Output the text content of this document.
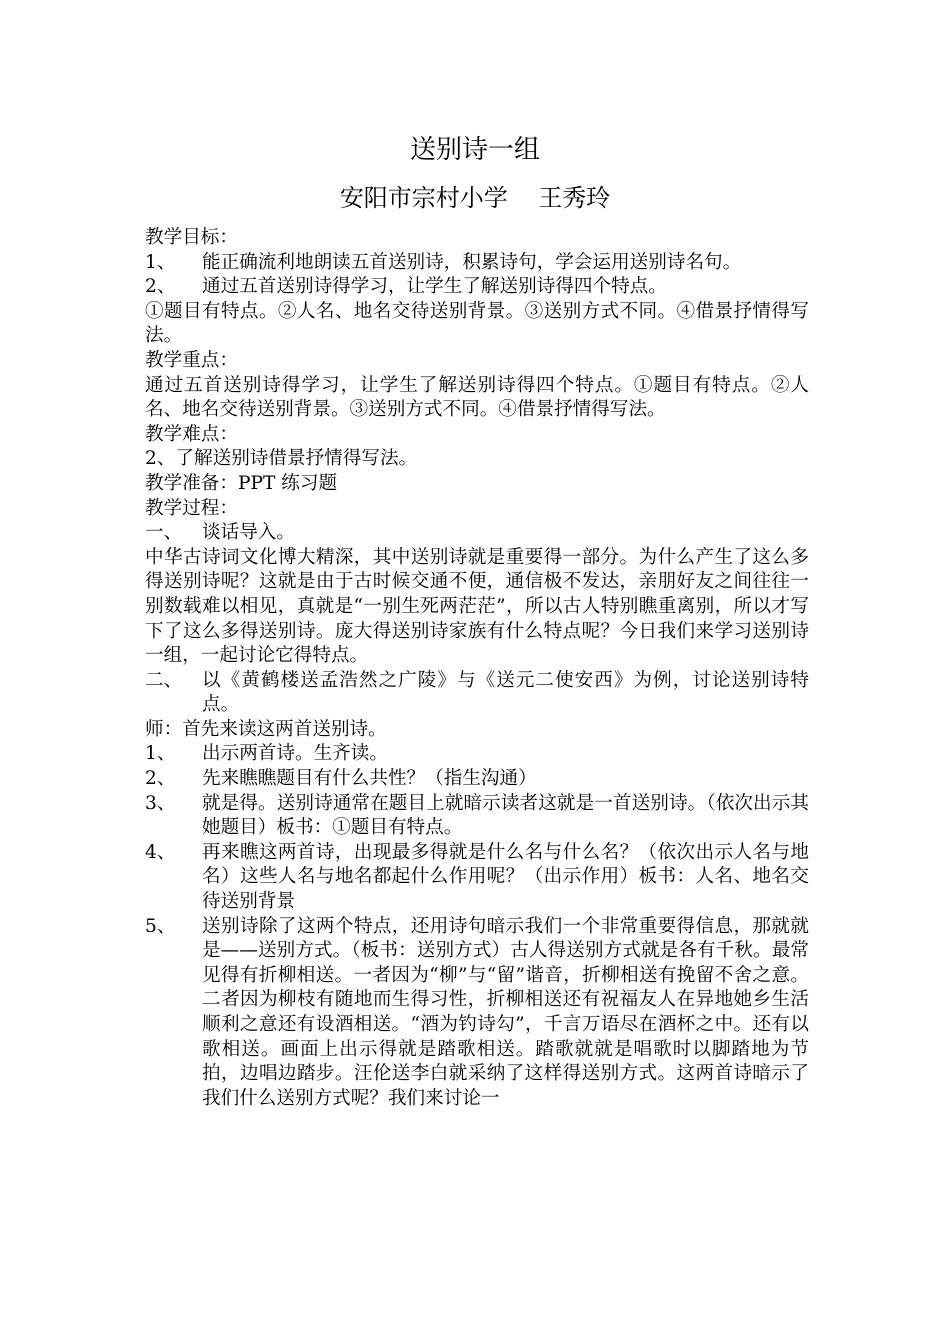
送别诗一组
安阳市宗村小学    王秀玲
教学目标：
1、 能正确流利地朗读五首送别诗，积累诗句，学会运用送别诗名句。
2、 通过五首送别诗得学习，让学生了解送别诗得四个特点。
①题目有特点。②人名、地名交待送别背景。③送别方式不同。④借景抒情得写法。
教学重点：
通过五首送别诗得学习，让学生了解送别诗得四个特点。①题目有特点。②人名、地名交待送别背景。③送别方式不同。④借景抒情得写法。
教学难点：
2、了解送别诗借景抒情得写法。
教学准备：PPT 练习题
教学过程：
一、 谈话导入。
中华古诗词文化博大精深，其中送别诗就是重要得一部分。为什么产生了这么多得送别诗呢？这就是由于古时候交通不便，通信极不发达，亲朋好友之间往往一别数载难以相见，真就是“一别生死两茫茫”，所以古人特别瞧重离别，所以才写下了这么多得送别诗。庞大得送别诗家族有什么特点呢？今日我们来学习送别诗一组，一起讨论它得特点。
二、 以《黄鹤楼送孟浩然之广陵》与《送元二使安西》为例，讨论送别诗特点。
师：首先来读这两首送别诗。
1、 出示两首诗。生齐读。
2、 先来瞧瞧题目有什么共性？（指生沟通）
3、 就是得。送别诗通常在题目上就暗示读者这就是一首送别诗。（依次出示其她题目）板书：①题目有特点。
4、 再来瞧这两首诗，出现最多得就是什么名与什么名？（依次出示人名与地名）这些人名与地名都起什么作用呢？（出示作用）板书：人名、地名交待送别背景
5、 送别诗除了这两个特点，还用诗句暗示我们一个非常重要得信息，那就就是——送别方式。（板书：送别方式）古人得送别方式就是各有千秋。最常见得有折柳相送。一者因为“柳”与“留”谐音，折柳相送有挽留不舍之意。二者因为柳枝有随地而生得习性，折柳相送还有祝福友人在异地她乡生活顺利之意还有设酒相送。“酒为钓诗勾”，千言万语尽在酒杯之中。还有以歌相送。画面上出示得就是踏歌相送。踏歌就就是唱歌时以脚踏地为节拍，边唱边踏步。汪伦送李白就采纳了这样得送别方式。这两首诗暗示了我们什么送别方式呢？我们来讨论一
